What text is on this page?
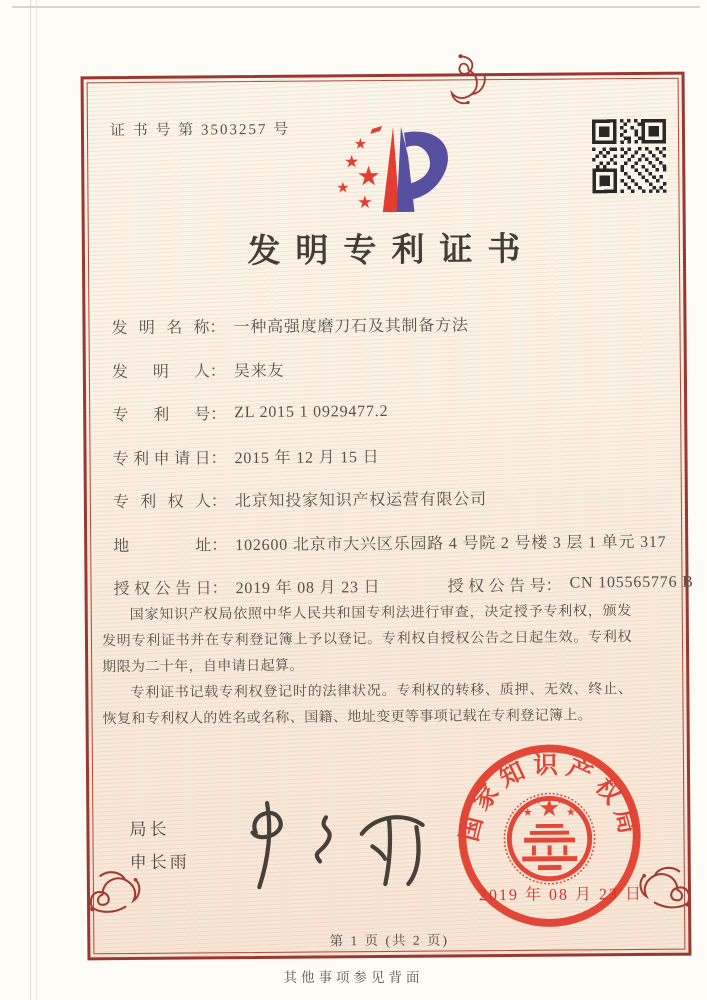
证 书 号 第 3503257 号
发明专利证书
发明名称 ： 一种高强度磨刀石及其制备方法
发明人 ： 吴来友
专利号 ： ZL 2015 1 0929477.2
专利申请日 ： 2015 年 12 月 15 日
专利权人 ： 北京知投家知识产权运营有限公司
地址 ： 102600 北京市大兴区乐园路 4 号院 2 号楼 3 层 1 单元 317
授权公告日 ： 2019 年 08 月 23 日	授权公告号 ： CN 105565776 B

国家知识产权局依照中华人民共和国专利法进行审查，决定授予专利权，颁发发明专利证书并在专利登记簿上予以登记。专利权自授权公告之日起生效。专利权期限为二十年，自申请日起算。

专利证书记载专利权登记时的法律状况。专利权的转移、质押、无效、终止、恢复和专利权人的姓名或名称、国籍、地址变更等事项记载在专利登记簿上。

局长
申长雨
国家知识产权局
2019 年 08 月 23 日
第 1 页 (共 2 页)
其他事项参见背面
